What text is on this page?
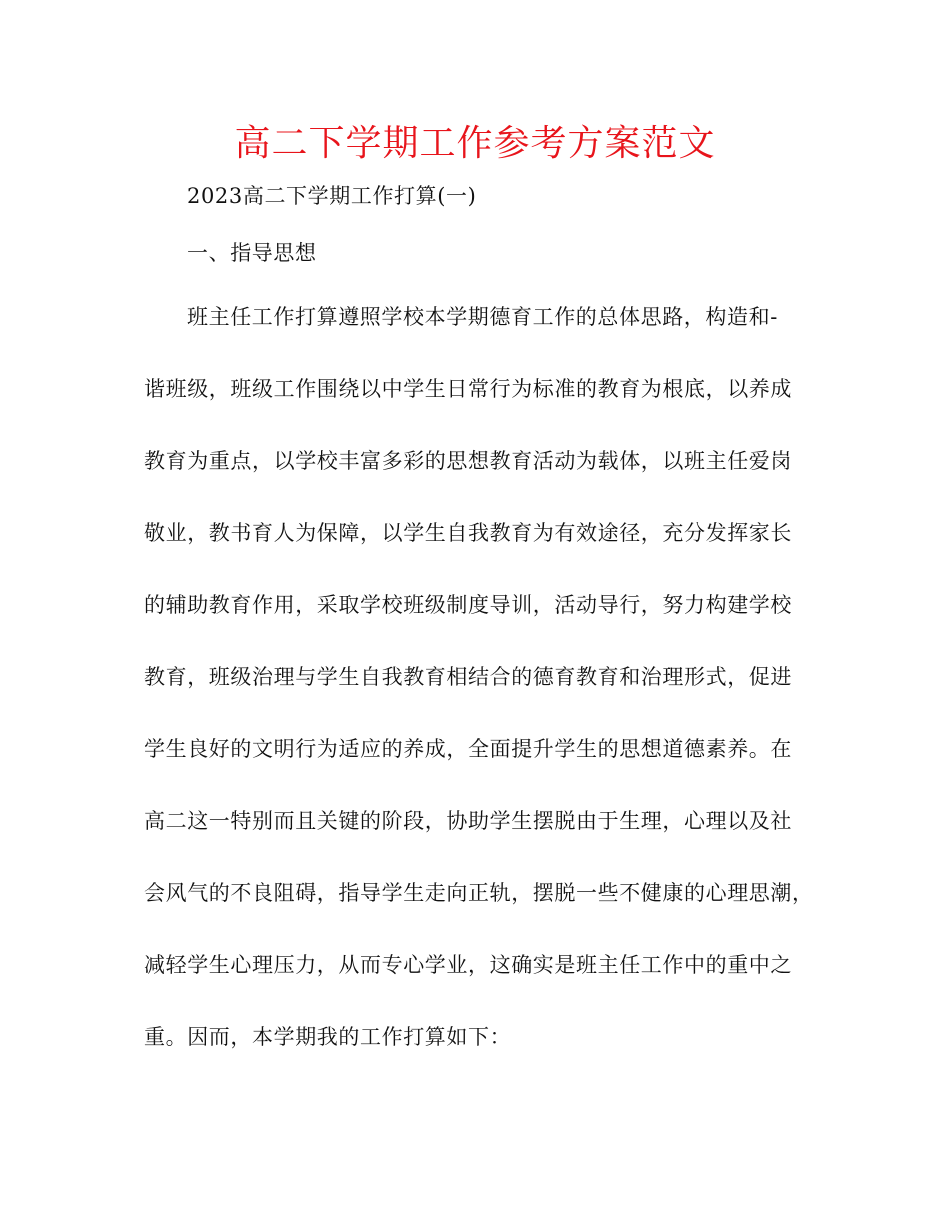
高二下学期工作参考方案范文
2023高二下学期工作打算(一)
一、指导思想
班主任工作打算遵照学校本学期德育工作的总体思路，构造和-
谐班级，班级工作围绕以中学生日常行为标准的教育为根底，以养成
教育为重点，以学校丰富多彩的思想教育活动为载体，以班主任爱岗
敬业，教书育人为保障，以学生自我教育为有效途径，充分发挥家长
的辅助教育作用，采取学校班级制度导训，活动导行，努力构建学校
教育，班级治理与学生自我教育相结合的德育教育和治理形式，促进
学生良好的文明行为适应的养成，全面提升学生的思想道德素养。在
高二这一特别而且关键的阶段，协助学生摆脱由于生理，心理以及社
会风气的不良阻碍，指导学生走向正轨，摆脱一些不健康的心理思潮，
减轻学生心理压力，从而专心学业，这确实是班主任工作中的重中之
重。因而，本学期我的工作打算如下：
